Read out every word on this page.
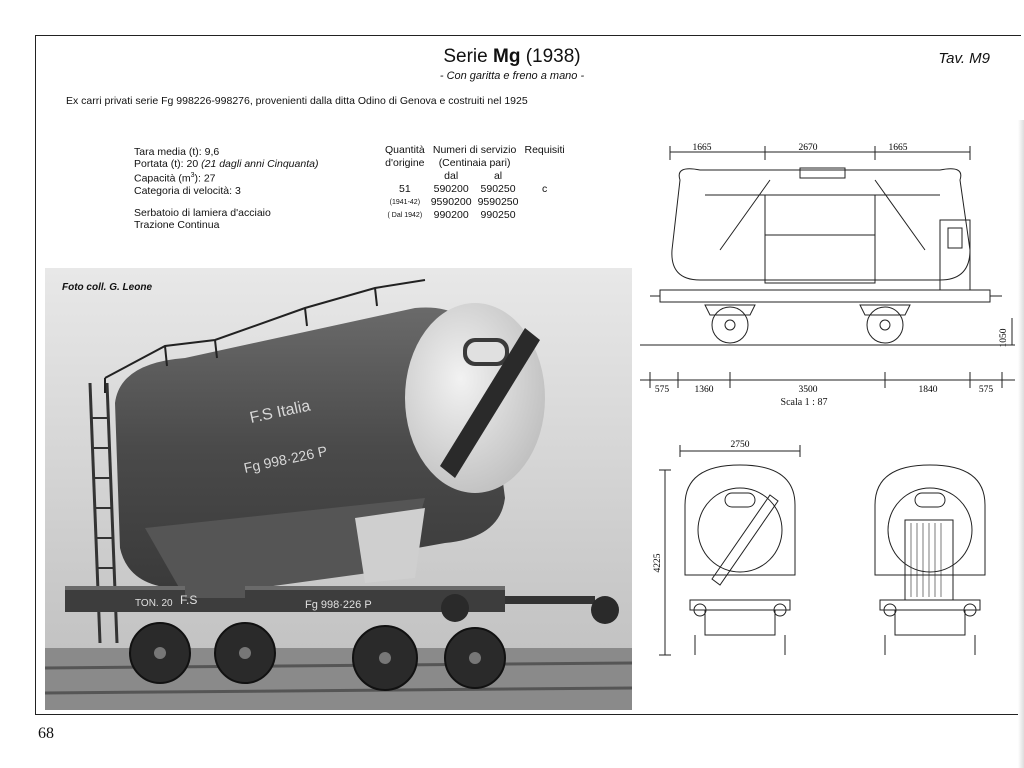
Serie Mg (1938)
- Con garitta e freno a mano -
Tav. M9
Ex carri privati serie Fg 998226-998276, provenienti dalla ditta Odino di Genova e costruiti nel 1925
Tara media (t): 9,6
Portata (t): 20 (21 dagli anni Cinquanta)
Capacità $(m^3)$: 27
Categoria di velocità: 3
Serbatoio di lamiera d'acciaio
Trazione Continua
Quantità	Numeri di servizio		Requisiti
d'origine	(Centinaia pari)		
	dal	al	
51	590200	590250	c
(1941-42)	9590200	9590250	
( Dal 1942)	990200	990250	
F.S Italia
Fg 998·226 P
TON. 20 F.S	Fg 998·226 P
Foto coll. G. Leone
1665	2670	1665
575	1360	3500	1840	575
1050
Scala 1 : 87
2750
4225
68
